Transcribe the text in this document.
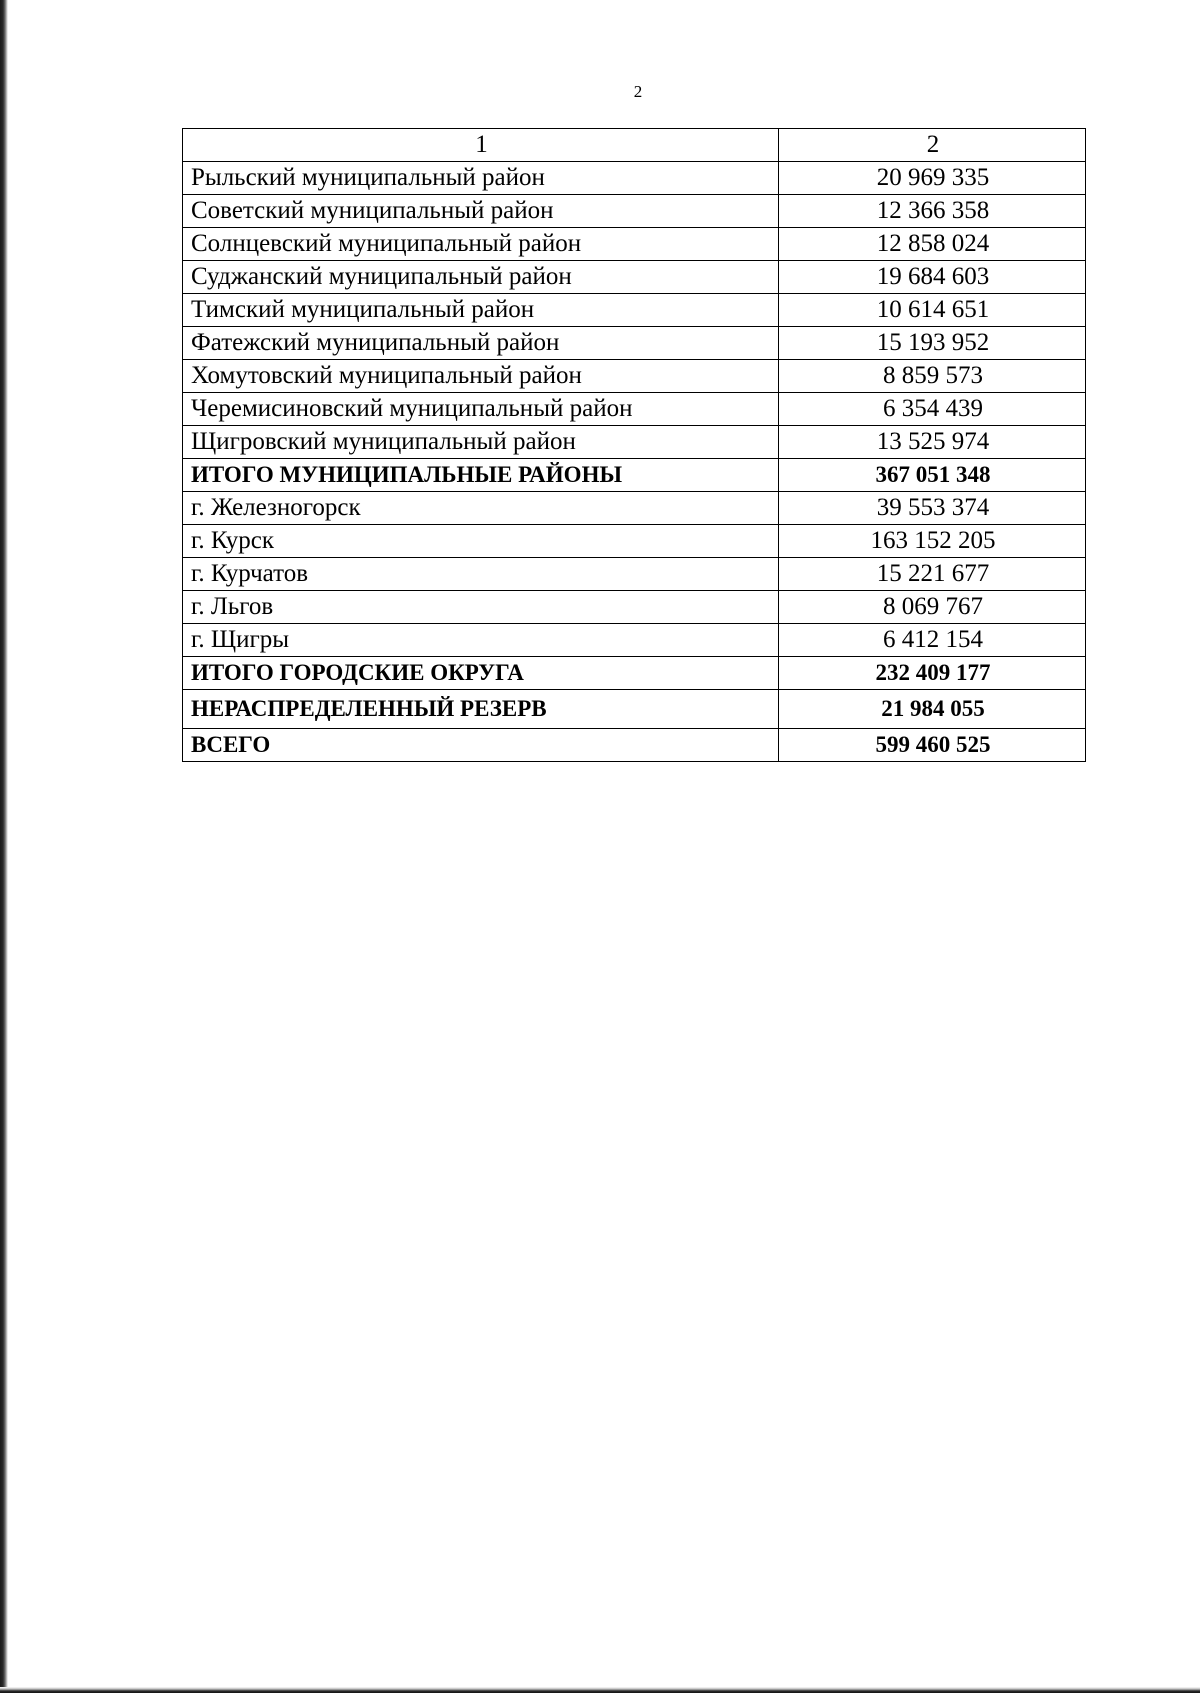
2
1	2
Рыльский муниципальный район	20 969 335
Советский муниципальный район	12 366 358
Солнцевский муниципальный район	12 858 024
Суджанский муниципальный район	19 684 603
Тимский муниципальный район	10 614 651
Фатежский муниципальный район	15 193 952
Хомутовский муниципальный район	8 859 573
Черемисиновский муниципальный район	6 354 439
Щигровский муниципальный район	13 525 974
ИТОГО МУНИЦИПАЛЬНЫЕ РАЙОНЫ	367 051 348
г. Железногорск	39 553 374
г. Курск	163 152 205
г. Курчатов	15 221 677
г. Льгов	8 069 767
г. Щигры	6 412 154
ИТОГО ГОРОДСКИЕ ОКРУГА	232 409 177
НЕРАСПРЕДЕЛЕННЫЙ РЕЗЕРВ	21 984 055
ВСЕГО	599 460 525
